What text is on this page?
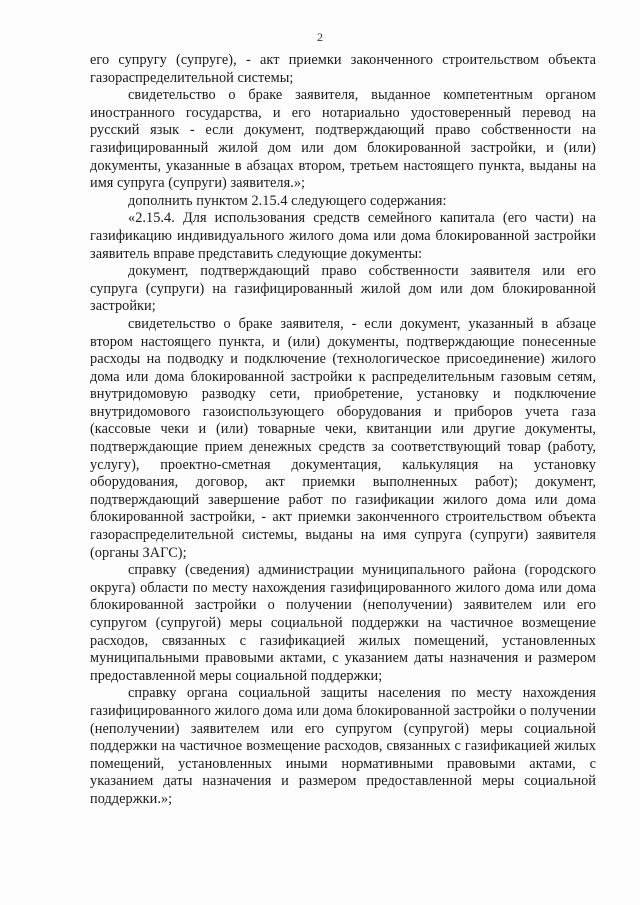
2

его супругу (супруге), - акт приемки законченного строительством объекта газораспределительной системы;

свидетельство о браке заявителя, выданное компетентным органом иностранного государства, и его нотариально удостоверенный перевод на русский язык - если документ, подтверждающий право собственности на газифицированный жилой дом или дом блокированной застройки, и (или) документы, указанные в абзацах втором, третьем настоящего пункта, выданы на имя супруга (супруги) заявителя.»;

дополнить пунктом 2.15.4 следующего содержания:

«2.15.4. Для использования средств семейного капитала (его части) на газификацию индивидуального жилого дома или дома блокированной застройки заявитель вправе представить следующие документы:

документ, подтверждающий право собственности заявителя или его супруга (супруги) на газифицированный жилой дом или дом блокированной застройки;

свидетельство о браке заявителя, - если документ, указанный в абзаце втором настоящего пункта, и (или) документы, подтверждающие понесенные расходы на подводку и подключение (технологическое присоединение) жилого дома или дома блокированной застройки к распределительным газовым сетям, внутридомовую разводку сети, приобретение, установку и подключение внутридомового газоиспользующего оборудования и приборов учета газа (кассовые чеки и (или) товарные чеки, квитанции или другие документы, подтверждающие прием денежных средств за соответствующий товар (работу, услугу), проектно-сметная документация, калькуляция на установку оборудования, договор, акт приемки выполненных работ); документ, подтверждающий завершение работ по газификации жилого дома или дома блокированной застройки, - акт приемки законченного строительством объекта газораспределительной системы, выданы на имя супруга (супруги) заявителя (органы ЗАГС);

справку (сведения) администрации муниципального района (городского округа) области по месту нахождения газифицированного жилого дома или дома блокированной застройки о получении (неполучении) заявителем или его супругом (супругой) меры социальной поддержки на частичное возмещение расходов, связанных с газификацией жилых помещений, установленных муниципальными правовыми актами, с указанием даты назначения и размером предоставленной меры социальной поддержки;

справку органа социальной защиты населения по месту нахождения газифицированного жилого дома или дома блокированной застройки о получении (неполучении) заявителем или его супругом (супругой) меры социальной поддержки на частичное возмещение расходов, связанных с газификацией жилых помещений, установленных иными нормативными правовыми актами, с указанием даты назначения и размером предоставленной меры социальной поддержки.»;
